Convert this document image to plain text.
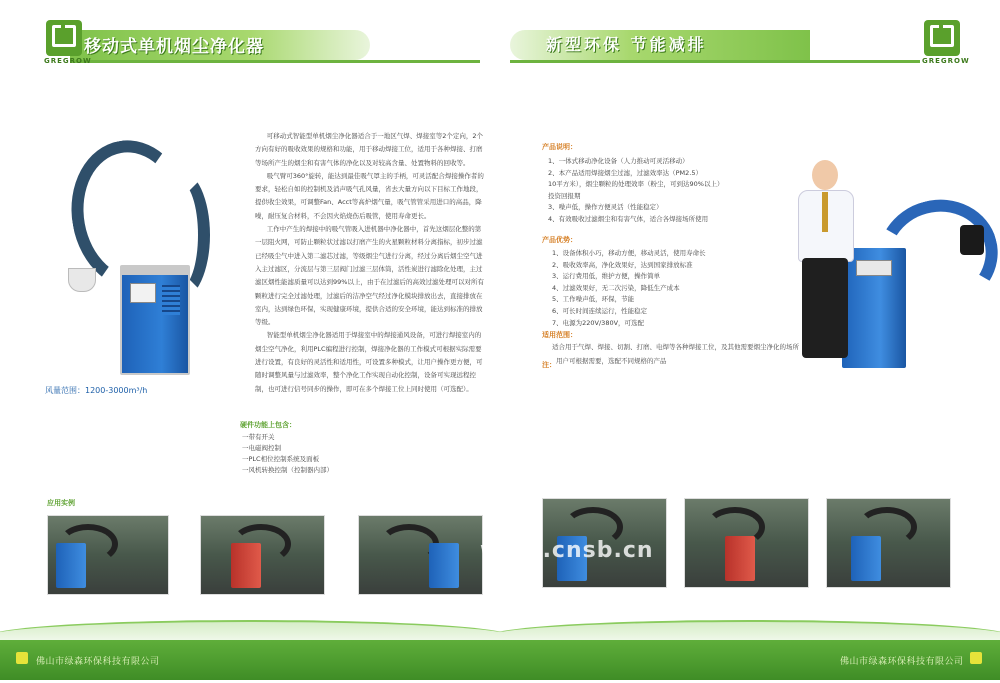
GREGROW
移动式单机烟尘净化器
风量范围：1200-3000m³/h

可移动式智能型单机烟尘净化器适合于一地区气焊、焊接室等2个定向，2个方向有好的吸收效果的规格和功能，用于移动焊接工位，适用于各种焊接、打磨等场所产生的烟尘和有害气体的净化以及对较高含量、处置物料的回收等。

吸气臂可360°旋转，能达到最佳吸气罩主的手柄，可灵活配合焊接操作者的要求，轻松自如的控制机及消声吸气孔风量，省去大量方向以下目标工作地段，提供收尘效果，可调整Fan、Acct等高炉烟气量，吸气管管采用进口的高品，降噪，耐压复合材料，不会因火焰烧伤后吸管，使用寿命更长。

工作中产生的焊接中的吸气管吸入进机器中净化器中，首先这烟层化整的第一层阻火网，可防止颗粒状过滤以打磨产生的火星颗粒材料分离指标，初步过滤已经吸尘气中进入第二滤芯过滤，等级烟尘气进行分离，经过分离后烟尘空气进入主过滤区，分流层与第三层阀门过滤三层体筒，活性炭进行滤除化处理，主过滤区烟性能滤质量可以达到99%以上，由于在过滤后的高效过滤处理可以对所有颗粒进行完全过滤处理，过滤后的洁净空气经过净化模块排放出去，直接排放在室内，达到绿色环保，实现健康环境，提供合适的安全环境，能达到标准的排放等级。

智能型单机烟尘净化器适用于焊接室中的焊接通风设备，可进行焊接室内的烟尘空气净化，利用PLC编程进行控制，焊接净化器的工作模式可根据实际需要进行设置，有良好的灵活性和适用性，可设置多种模式，让用户操作更方便，可随时调整风量与过滤效率，整个净化工作实现自动化控制，设备可实现远程控制，也可进行信号同步的操作，即可在多个焊接工位上同时使用（可选配）。

硬件功能上包含：
一带有开关
一电磁阀控制
一PLC相位控制系统及面板
一风机转换控制（控制器内部）
应用实例
佛山市绿森环保科技有限公司
新型环保 节能减排
GREGROW
产品说明：
1、一体式移动净化设备（人力推动可灵活移动）
2、本产品适用焊接烟尘过滤，过滤效率达（PM2.5）
10平方米），烟尘颗粒的处理效率（粉尘，可到达90%以上）
投资回报期
3、噪声低，操作方便灵活（性能稳定）
4、有效吸收过滤烟尘和有害气体，适合各焊接场所使用
产品优势：
1、设备体积小巧，移动方便，移动灵活，使用寿命长
2、吸收效率高，净化效果好，达到国家排放标准
3、运行费用低，维护方便，操作简单
4、过滤效果好，无二次污染，降低生产成本
5、工作噪声低，环保，节能
6、可长时间连续运行，性能稳定
7、电源为220V/380V，可选配
适用范围：
适合用于气焊、焊接、切割、打磨、电焊等各种焊接工位，及其他需要烟尘净化的场所
注： 用户可根据需要，选配不同规格的产品
佛山市绿森环保科技有限公司
www.cnsb.cn
